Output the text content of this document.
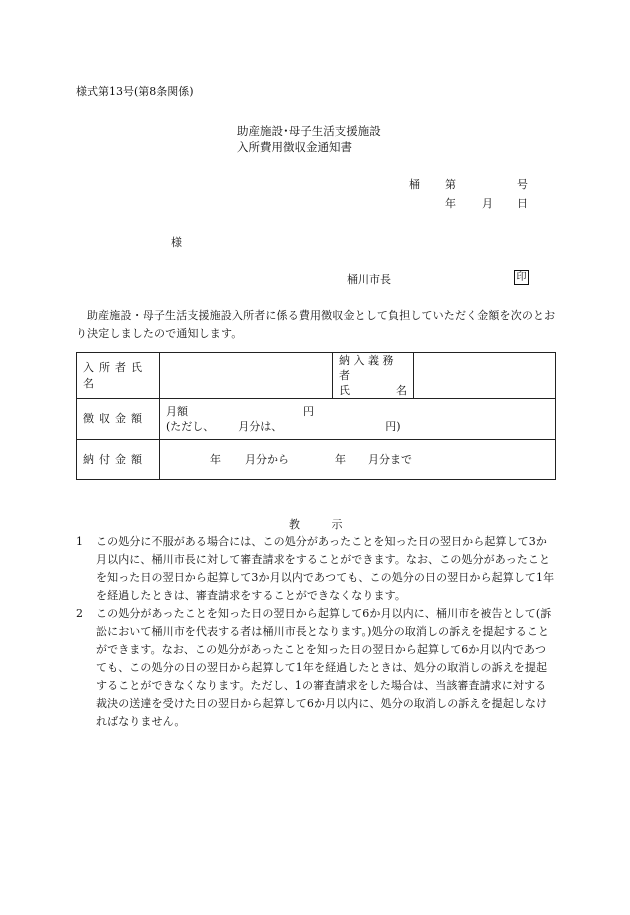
様式第13号(第8条関係)
助産施設･母子生活支援施設
入所費用徴収金通知書
桶 第	号
年 月 日
様
桶川市長	印
助産施設・母子生活支援施設入所者に係る費用徴収金として負担していただく金額を次のとおり決定しましたので通知します。
入所者氏名		納入義務者
氏 名	

徴収金額	月額 円
(ただし、 月分は、 円)		

納付金額	年 月分から 年 月分まで		
教 示
1	この処分に不服がある場合には、この処分があったことを知った日の翌日から起算して3か月以内に、桶川市長に対して審査請求をすることができます。なお、この処分があったことを知った日の翌日から起算して3か月以内であつても、この処分の日の翌日から起算して1年を経過したときは、審査請求をすることができなくなります。
2	この処分があったことを知った日の翌日から起算して6か月以内に、桶川市を被告として(訴訟において桶川市を代表する者は桶川市長となります。)処分の取消しの訴えを提起することができます。なお、この処分があったことを知った日の翌日から起算して6か月以内であつても、この処分の日の翌日から起算して1年を経過したときは、処分の取消しの訴えを提起することができなくなります。ただし、1の審査請求をした場合は、当該審査請求に対する裁決の送達を受けた日の翌日から起算して6か月以内に、処分の取消しの訴えを提起しなければなりません。
